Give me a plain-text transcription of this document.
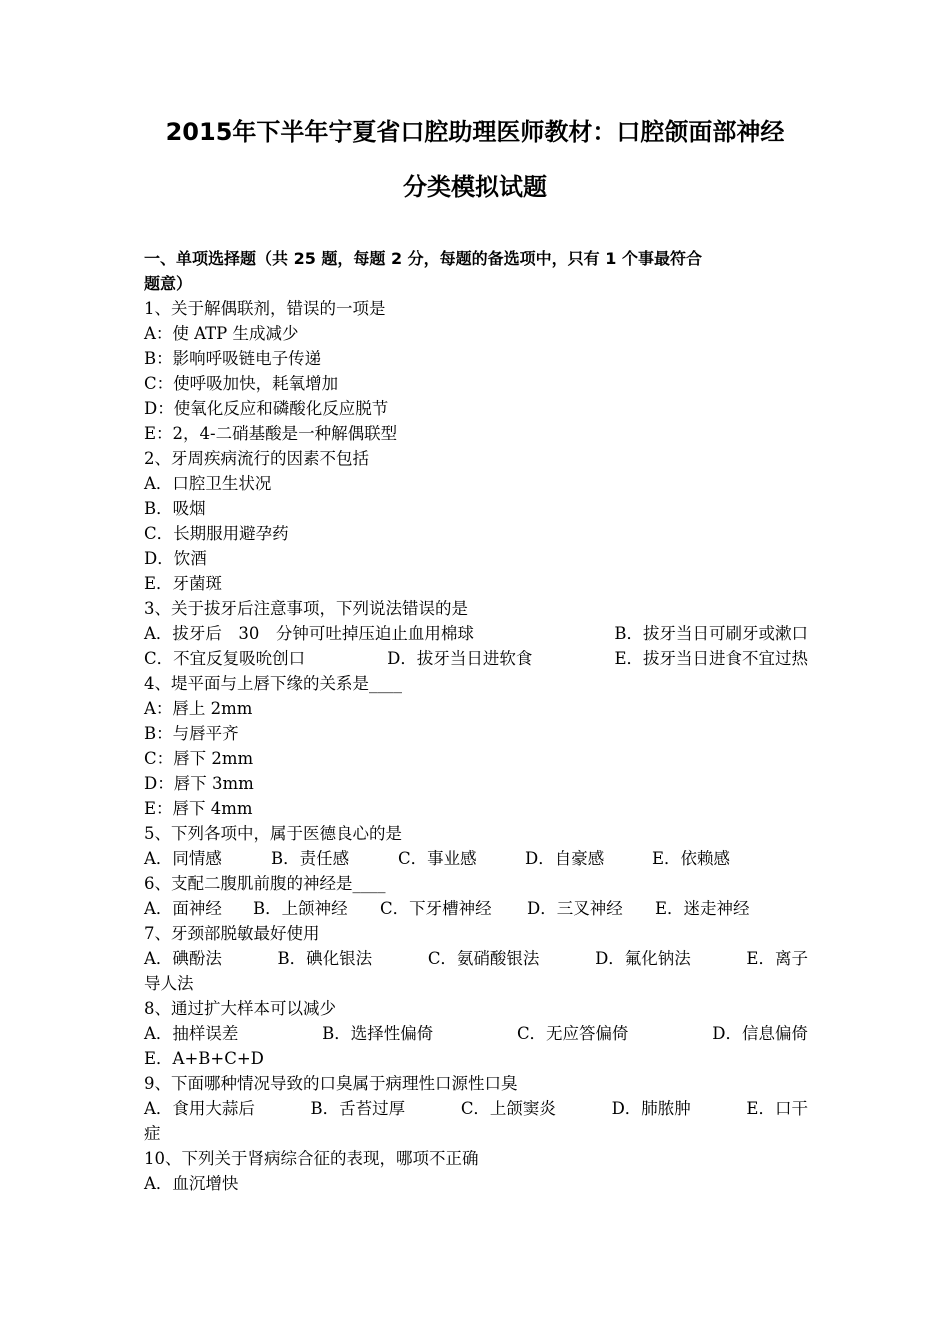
2015年下半年宁夏省口腔助理医师教材：口腔颌面部神经
分类模拟试题
一、单项选择题（共 25 题，每题 2 分，每题的备选项中，只有 1 个事最符合
题意）
1、关于解偶联剂，错误的一项是
A：使 ATP 生成减少
B：影响呼吸链电子传递
C：使呼吸加快，耗氧增加
D：使氧化反应和磷酸化反应脱节
E：2，4-二硝基酸是一种解偶联型
2、牙周疾病流行的因素不包括
A．口腔卫生状况
B．吸烟
C．长期服用避孕药
D．饮酒
E．牙菌斑
3、关于拔牙后注意事项，下列说法错误的是
A．拔牙后　30　分钟可吐掉压迫止血用棉球	B．拔牙当日可刷牙或漱口
C．不宜反复吸吮创口	D．拔牙当日进软食	E．拔牙当日进食不宜过热
4、堤平面与上唇下缘的关系是____
A：唇上 2mm
B：与唇平齐
C：唇下 2mm
D：唇下 3mm
E：唇下 4mm
5、下列各项中，属于医德良心的是
A．同情感	B．责任感	C．事业感	D．自豪感	E．依赖感
6、支配二腹肌前腹的神经是____
A．面神经	B．上颌神经	C．下牙槽神经	D．三叉神经	E．迷走神经
7、牙颈部脱敏最好使用
A．碘酚法	B．碘化银法	C．氨硝酸银法	D．氟化钠法	E．离子
导人法
8、通过扩大样本可以减少
A．抽样误差	B．选择性偏倚	C．无应答偏倚	D．信息偏倚
E．A+B+C+D
9、下面哪种情况导致的口臭属于病理性口源性口臭
A．食用大蒜后	B．舌苔过厚	C．上颌窦炎	D．肺脓肿	E．口干
症
10、下列关于肾病综合征的表现，哪项不正确
A．血沉增快
